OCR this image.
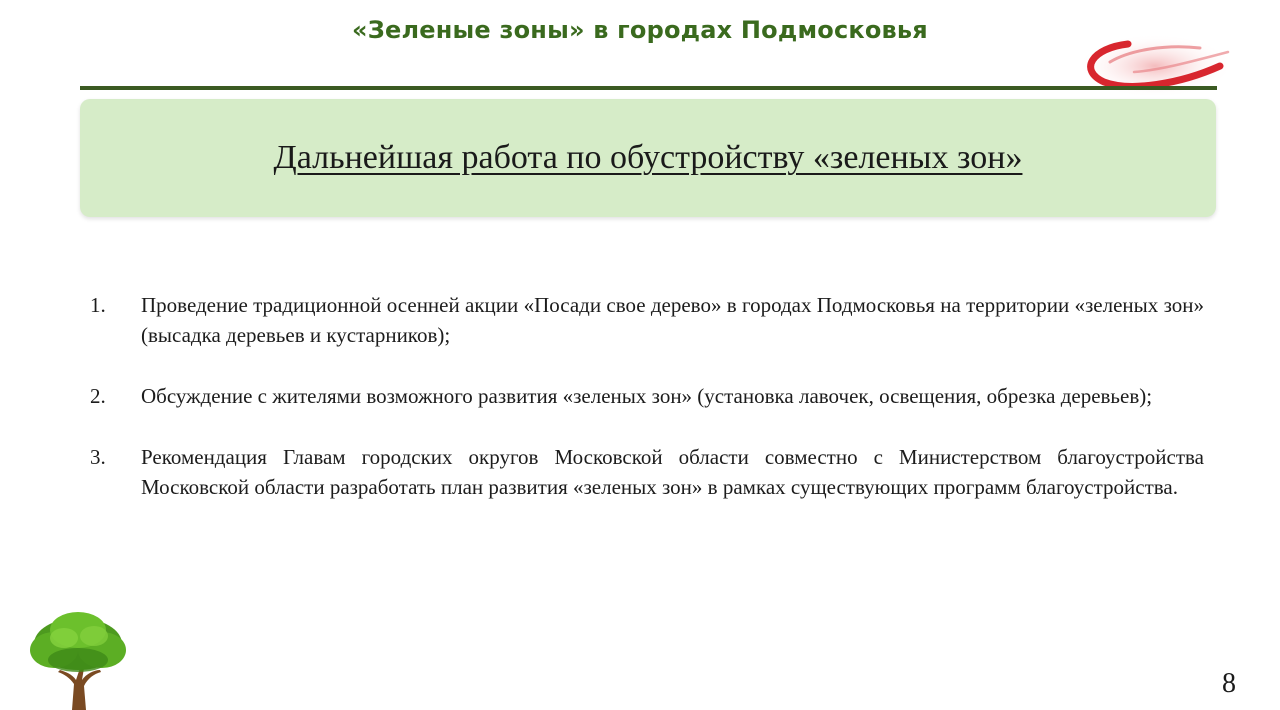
«Зеленые зоны» в городах Подмосковья
Дальнейшая работа по обустройству «зеленых зон»
1. Проведение традиционной осенней акции «Посади свое дерево» в городах Подмосковья на территории «зеленых зон» (высадка деревьев и кустарников);
2. Обсуждение с жителями возможного развития «зеленых зон» (установка лавочек, освещения, обрезка деревьев);
3. Рекомендация Главам городских округов Московской области совместно с Министерством благоустройства Московской области разработать план развития «зеленых зон» в рамках существующих программ благоустройства.
8
